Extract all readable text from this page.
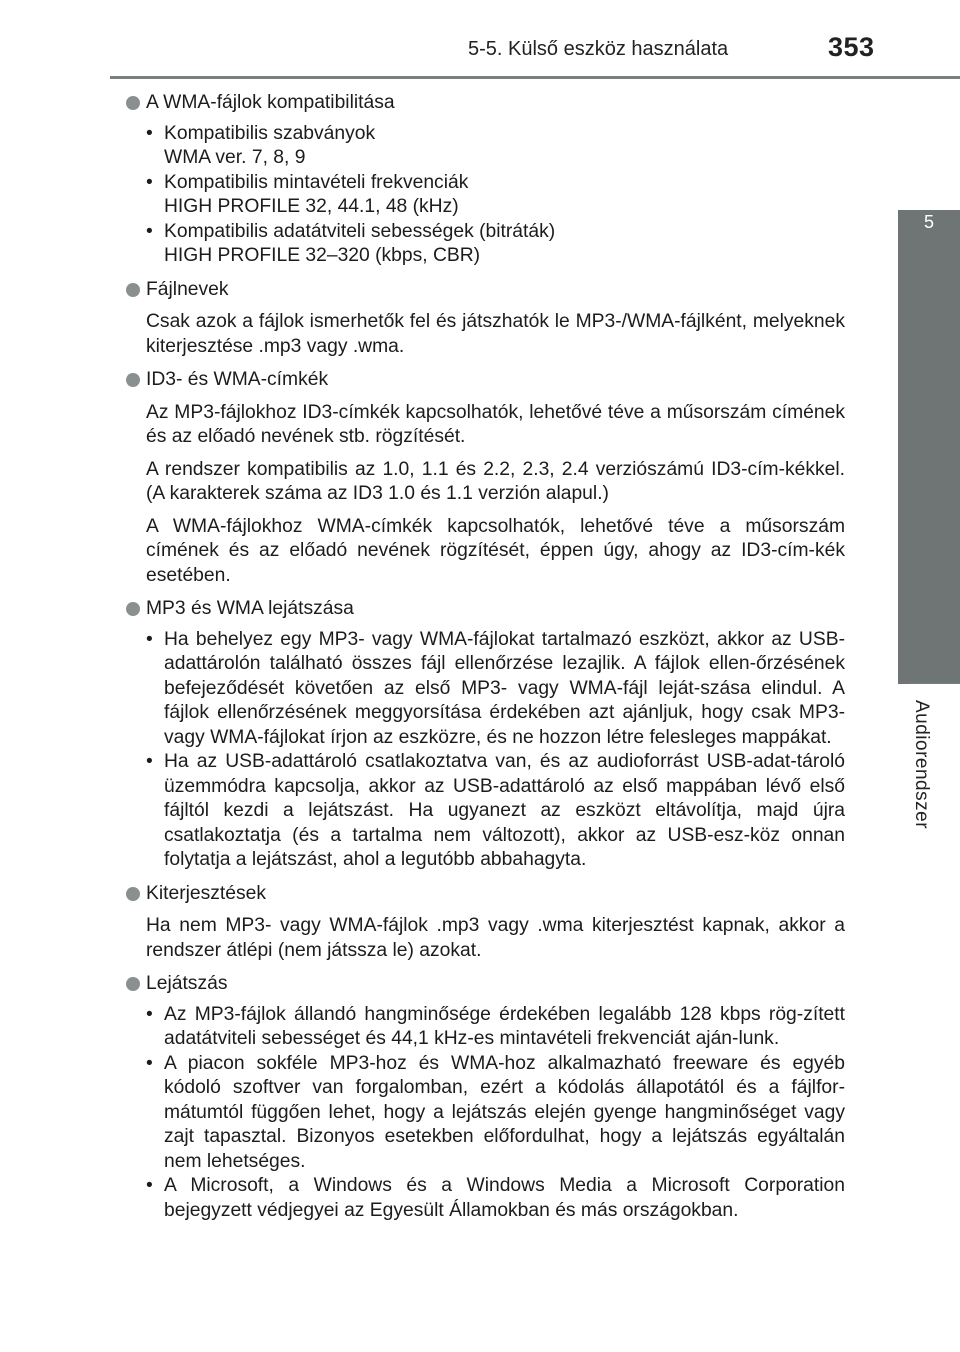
5-5. Külső eszköz használata	353
5
Audiorendszer
A WMA-fájlok kompatibilitása
• Kompatibilis szabványok
WMA ver. 7, 8, 9
• Kompatibilis mintavételi frekvenciák
HIGH PROFILE 32, 44.1, 48 (kHz)
• Kompatibilis adatátviteli sebességek (bitráták)
HIGH PROFILE 32–320 (kbps, CBR)
Fájlnevek

Csak azok a fájlok ismerhetők fel és játszhatók le MP3-/WMA-fájlként, melyeknek kiterjesztése .mp3 vagy .wma.

ID3- és WMA-címkék

Az MP3-fájlokhoz ID3-címkék kapcsolhatók, lehetővé téve a műsorszám címének és az előadó nevének stb. rögzítését.

A rendszer kompatibilis az 1.0, 1.1 és 2.2, 2.3, 2.4 verziószámú ID3-cím-kékkel. (A karakterek száma az ID3 1.0 és 1.1 verzión alapul.)

A WMA-fájlokhoz WMA-címkék kapcsolhatók, lehetővé téve a műsorszám címének és az előadó nevének rögzítését, éppen úgy, ahogy az ID3-cím-kék esetében.

MP3 és WMA lejátszása
• Ha behelyez egy MP3- vagy WMA-fájlokat tartalmazó eszközt, akkor az USB-adattárolón található összes fájl ellenőrzése lezajlik. A fájlok ellen-őrzésének befejeződését követően az első MP3- vagy WMA-fájl leját-szása elindul. A fájlok ellenőrzésének meggyorsítása érdekében azt ajánljuk, hogy csak MP3- vagy WMA-fájlokat írjon az eszközre, és ne hozzon létre felesleges mappákat.
• Ha az USB-adattároló csatlakoztatva van, és az audioforrást USB-adat-tároló üzemmódra kapcsolja, akkor az USB-adattároló az első mappában lévő első fájltól kezdi a lejátszást. Ha ugyanezt az eszközt eltávolítja, majd újra csatlakoztatja (és a tartalma nem változott), akkor az USB-esz-köz onnan folytatja a lejátszást, ahol a legutóbb abbahagyta.
Kiterjesztések

Ha nem MP3- vagy WMA-fájlok .mp3 vagy .wma kiterjesztést kapnak, akkor a rendszer átlépi (nem játssza le) azokat.

Lejátszás
• Az MP3-fájlok állandó hangminősége érdekében legalább 128 kbps rög-zített adatátviteli sebességet és 44,1 kHz-es mintavételi frekvenciát aján-lunk.
• A piacon sokféle MP3-hoz és WMA-hoz alkalmazható freeware és egyéb kódoló szoftver van forgalomban, ezért a kódolás állapotától és a fájlfor-mátumtól függően lehet, hogy a lejátszás elején gyenge hangminőséget vagy zajt tapasztal. Bizonyos esetekben előfordulhat, hogy a lejátszás egyáltalán nem lehetséges.
• A Microsoft, a Windows és a Windows Media a Microsoft Corporation bejegyzett védjegyei az Egyesült Államokban és más országokban.
